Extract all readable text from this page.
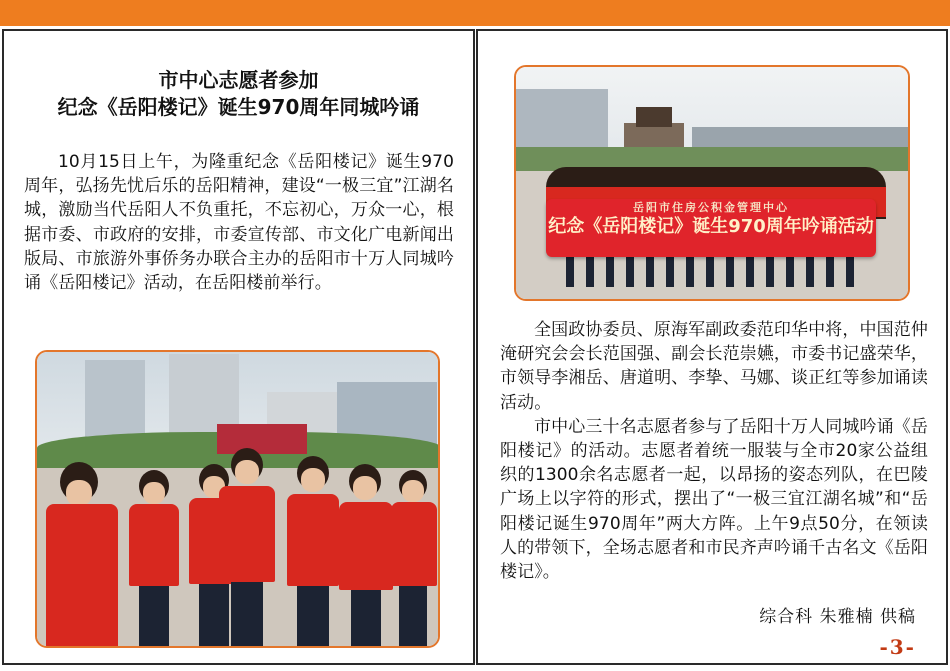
市中心志愿者参加
纪念《岳阳楼记》诞生970周年同城吟诵

10月15日上午，为隆重纪念《岳阳楼记》诞生970周年，弘扬先忧后乐的岳阳精神，建设“一极三宜”江湖名城，激励当代岳阳人不负重托，不忘初心，万众一心，根据市委、市政府的安排，市委宣传部、市文化广电新闻出版局、市旅游外事侨务办联合主办的岳阳市十万人同城吟诵《岳阳楼记》活动，在岳阳楼前举行。

岳阳市住房公积金管理中心
纪念《岳阳楼记》诞生970周年吟诵活动

全国政协委员、原海军副政委范印华中将，中国范仲淹研究会会长范国强、副会长范崇嬿，市委书记盛荣华，市领导李湘岳、唐道明、李挚、马娜、谈正红等参加诵读活动。

市中心三十名志愿者参与了岳阳十万人同城吟诵《岳阳楼记》的活动。志愿者着统一服装与全市20家公益组织的1300余名志愿者一起，以昂扬的姿态列队，在巴陵广场上以字符的形式，摆出了“一极三宜江湖名城”和“岳阳楼记诞生970周年”两大方阵。上午9点50分，在领读人的带领下，全场志愿者和市民齐声吟诵千古名文《岳阳楼记》。

综合科 朱雅楠 供稿
-3-
